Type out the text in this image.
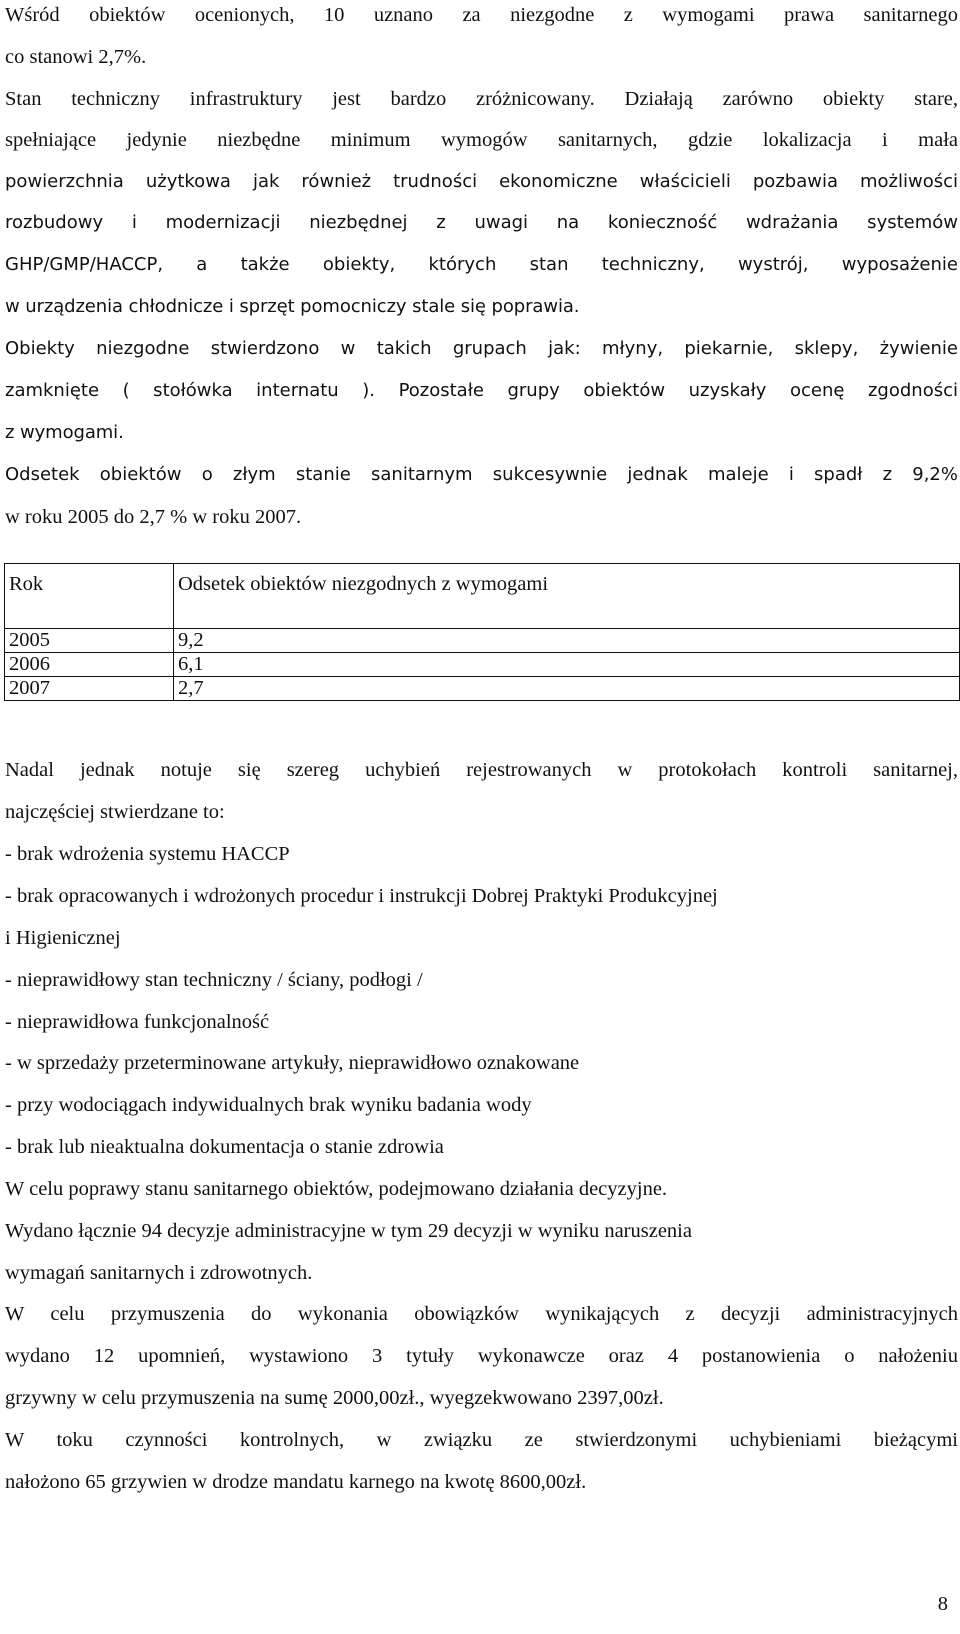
Wśród obiektów ocenionych, 10 uznano za niezgodne z wymogami prawa sanitarnego
co stanowi 2,7%.
Stan techniczny infrastruktury jest bardzo zróżnicowany. Działają zarówno obiekty stare,
spełniające jedynie niezbędne minimum wymogów sanitarnych, gdzie lokalizacja i mała
powierzchnia użytkowa jak również trudności ekonomiczne właścicieli pozbawia możliwości
rozbudowy i modernizacji niezbędnej z uwagi na konieczność wdrażania systemów
GHP/GMP/HACCP, a także obiekty, których stan techniczny, wystrój, wyposażenie
w urządzenia chłodnicze i sprzęt pomocniczy stale się poprawia.
Obiekty niezgodne stwierdzono w takich grupach jak: młyny, piekarnie, sklepy, żywienie
zamknięte ( stołówka internatu ). Pozostałe grupy obiektów uzyskały ocenę zgodności
z wymogami.
Odsetek obiektów o złym stanie sanitarnym sukcesywnie jednak maleje i spadł z 9,2%
w roku 2005 do 2,7 % w roku 2007.
Rok	Odsetek obiektów niezgodnych z wymogami
2005	9,2
2006	6,1
2007	2,7
Nadal jednak notuje się szereg uchybień rejestrowanych w protokołach kontroli sanitarnej,
najczęściej stwierdzane to:
- brak wdrożenia systemu HACCP
- brak opracowanych i wdrożonych procedur i instrukcji Dobrej Praktyki Produkcyjnej
i Higienicznej
- nieprawidłowy stan techniczny / ściany, podłogi /
- nieprawidłowa funkcjonalność
- w sprzedaży przeterminowane artykuły, nieprawidłowo oznakowane
- przy wodociągach indywidualnych brak wyniku badania wody
- brak lub nieaktualna dokumentacja o stanie zdrowia
W celu poprawy stanu sanitarnego obiektów, podejmowano działania decyzyjne.
Wydano łącznie 94 decyzje administracyjne w tym 29 decyzji w wyniku naruszenia
wymagań sanitarnych i zdrowotnych.
W celu przymuszenia do wykonania obowiązków wynikających z decyzji administracyjnych
wydano 12 upomnień, wystawiono 3 tytuły wykonawcze oraz 4 postanowienia o nałożeniu
grzywny w celu przymuszenia na sumę 2000,00zł., wyegzekwowano 2397,00zł.
W toku czynności kontrolnych, w związku ze stwierdzonymi uchybieniami bieżącymi
nałożono 65 grzywien w drodze mandatu karnego na kwotę 8600,00zł.
8
